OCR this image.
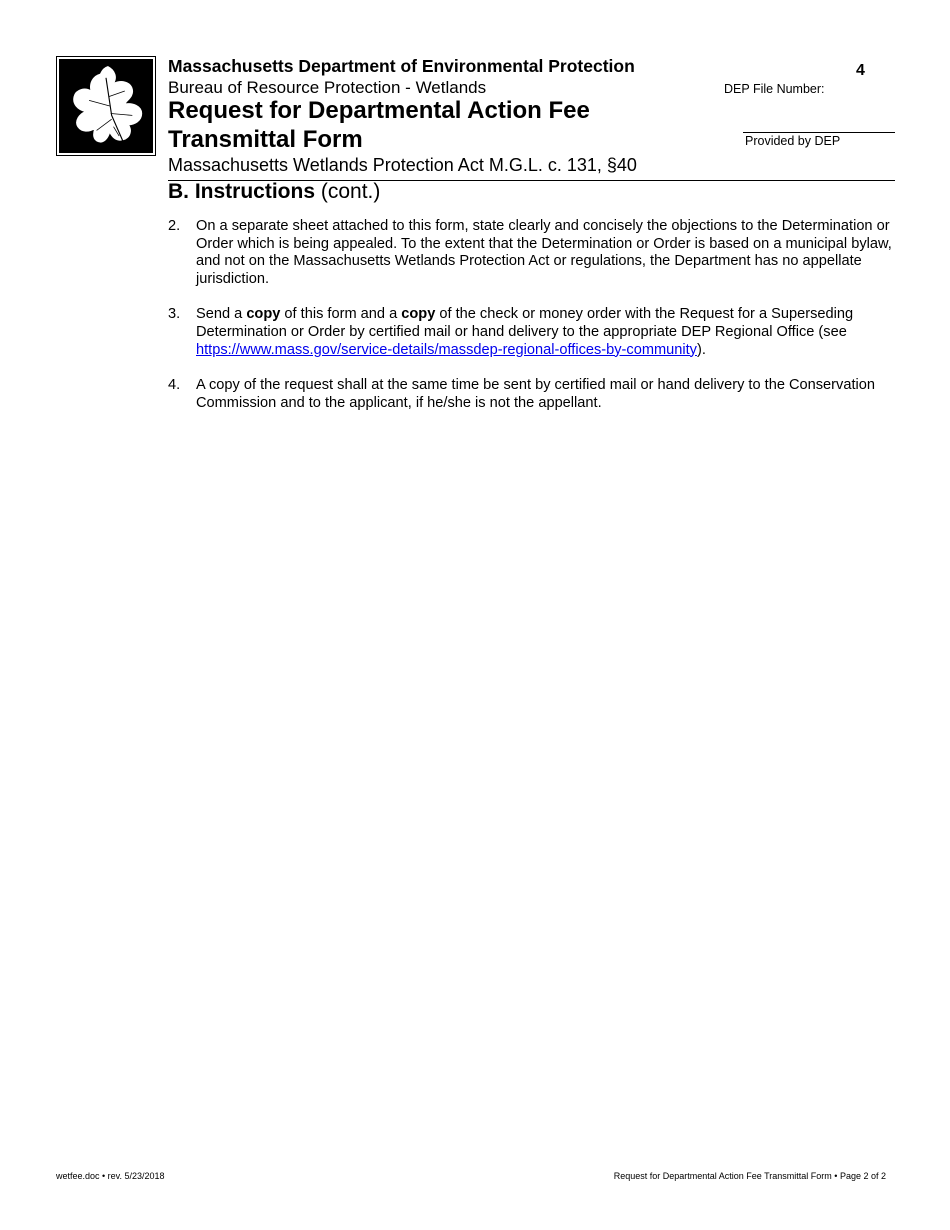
Massachusetts Department of Environmental Protection
Bureau of Resource Protection - Wetlands
Request for Departmental Action Fee
Transmittal Form
Massachusetts Wetlands Protection Act M.G.L. c. 131, §40
4
DEP File Number:
Provided by DEP
B. Instructions (cont.)
2. On a separate sheet attached to this form, state clearly and concisely the objections to the Determination or Order which is being appealed. To the extent that the Determination or Order is based on a municipal bylaw, and not on the Massachusetts Wetlands Protection Act or regulations, the Department has no appellate jurisdiction.
3. Send a copy of this form and a copy of the check or money order with the Request for a Superseding Determination or Order by certified mail or hand delivery to the appropriate DEP Regional Office (see https://www.mass.gov/service-details/massdep-regional-offices-by-community).
4. A copy of the request shall at the same time be sent by certified mail or hand delivery to the Conservation Commission and to the applicant, if he/she is not the appellant.
wetfee.doc • rev. 5/23/2018	Request for Departmental Action Fee Transmittal Form • Page 2 of 2
